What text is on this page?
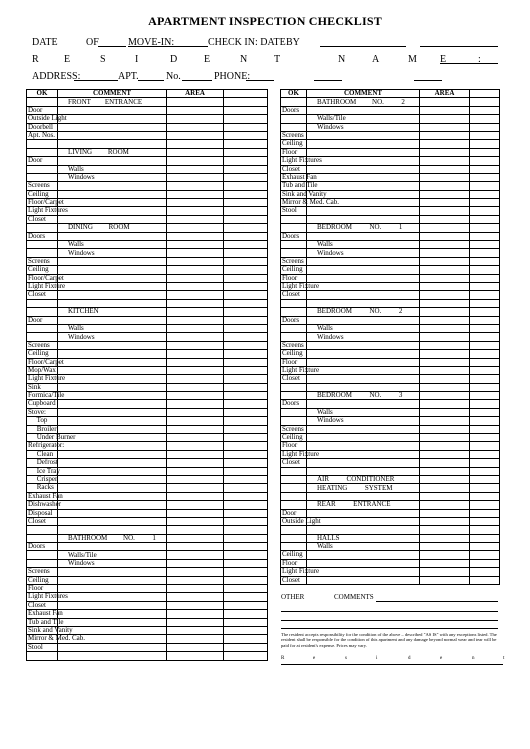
APARTMENT INSPECTION CHECKLIST
DATE	OF	MOVE-IN:	CHECK IN: DATE BY
R	E	S	I	D	E	N	T	N	A	M E	:
ADDRESS:	APT.	No.	PHONE:
OK	COMMENT	AREA	

	FRONT        ENTRANCE		

Door			

Outside Light			

Doorbell			

Apt. Nos.			

	LIVING         ROOM		

Door			

	Walls		

	Windows		

Screens			

Ceiling			

Floor/Carpet			

Light Fixtures			

Closet			

	DINING         ROOM		

Doors			

	Walls		

	Windows		

Screens			

Ceiling			

Floor/Carpet			

Light Fixture			

Closet			

	KITCHEN		

Door			

	Walls		

	Windows		

Screens			

Ceiling			

Floor/Carpet			

Mop/Wax			

Light Fixture			

Sink			

Formica/Tile			

Cupboard			

Stove:			

Top			

Broiler			

Under Burner			

Refrigerator:			

Clean			

Defrost			

Ice Tray			

Crisper			

Racks			

Exhaust Fan			

Dishwasher			

Disposal			

Closet			

	BATHROOM         NO.          1		

Doors			

	Walls/Tile		

	Windows		

Screens			

Ceiling			

Floor			

Light Fixtures			

Closet			

Exhaust Fan			

Tub and Tile			

Sink and Vanity			

Mirror & Med. Cab.			

Stool			

OK	COMMENT	AREA	

	BATHROOM         NO.          2		

Doors			

	Walls/Tile		

	Windows		

Screens			

Ceiling			

Floor			

Light Fixtures			

Closet			

Exhaust Fan			

Tub and Tile			

Sink and Vanity			

Mirror & Med. Cab.			

Stool			

	BEDROOM          NO.          1		

Doors			

	Walls		

	Windows		

Screens			

Ceiling			

Floor			

Light Fixture			

Closet			

	BEDROOM          NO.          2		

Doors			

	Walls		

	Windows		

Screens			

Ceiling			

Floor			

Light Fixture			

Closet			

	BEDROOM          NO.          3		

Doors			

	Walls		

	Windows		

Screens			

Ceiling			

Floor			

Light Fixture			

Closet			

	AIR          CONDITIONER		

	HEATING          SYSTEM		

	REAR          ENTRANCE		

Door			

Outside Light			

	HALLS		

	Walls		

Ceiling			

Floor			

Light Fixture			

Closet			

OTHER	COMMENTS
The resident accepts responsibility for the condition of the above – described "AS IS" with any exceptions listed. The resident shall be responsible for the condition of this apartment and any damage beyond normal wear and tear will be paid for at resident's expense. Prices may vary.
R	e	s	i	d	e	n	t
